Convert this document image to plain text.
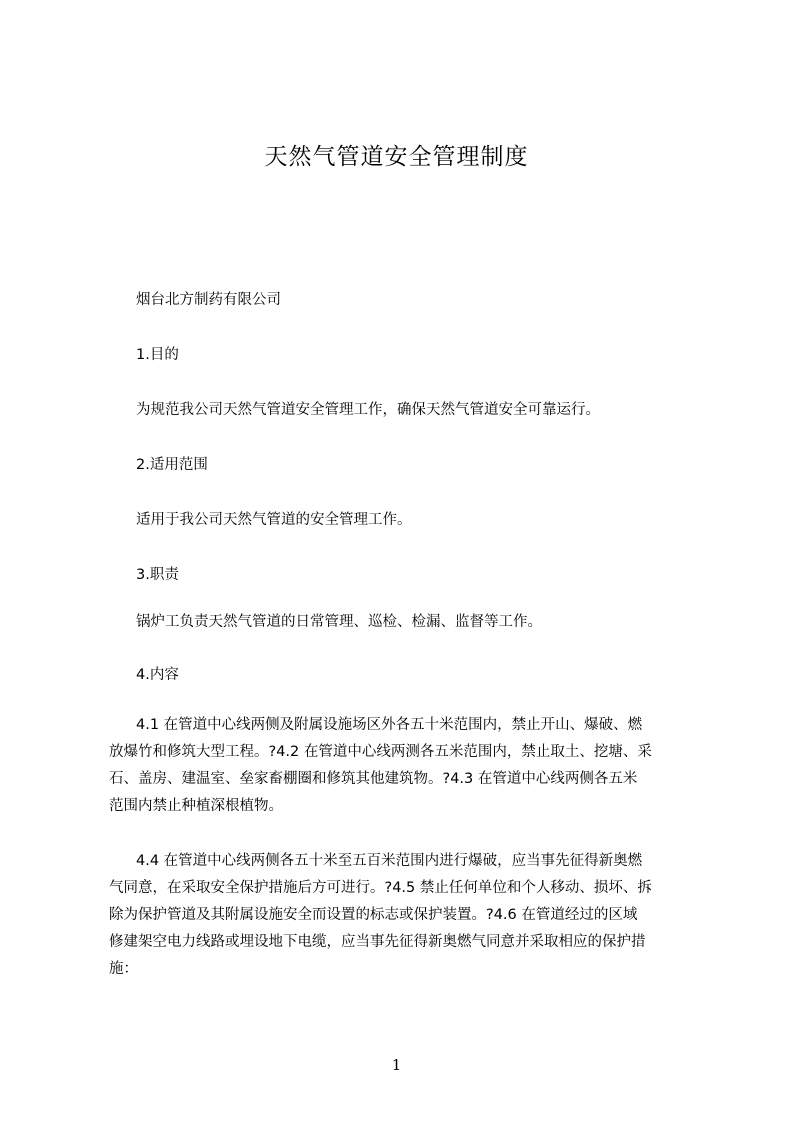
天然气管道安全管理制度
烟台北方制药有限公司
1.目的
为规范我公司天然气管道安全管理工作，确保天然气管道安全可靠运行。
2.适用范围
适用于我公司天然气管道的安全管理工作。
3.职责
锅炉工负责天然气管道的日常管理、巡检、检漏、监督等工作。
4.内容
4.1 在管道中心线两侧及附属设施场区外各五十米范围内，禁止开山、爆破、燃
放爆竹和修筑大型工程。?4.2 在管道中心线两测各五米范围内，禁止取土、挖塘、采
石、盖房、建温室、垒家畜棚圈和修筑其他建筑物。?4.3 在管道中心线两侧各五米
范围内禁止种植深根植物。
4.4 在管道中心线两侧各五十米至五百米范围内进行爆破，应当事先征得新奥燃
气同意，在采取安全保护措施后方可进行。?4.5 禁止任何单位和个人移动、损坏、拆
除为保护管道及其附属设施安全而设置的标志或保护装置。?4.6 在管道经过的区域
修建架空电力线路或埋设地下电缆，应当事先征得新奥燃气同意并采取相应的保护措
施：
1
